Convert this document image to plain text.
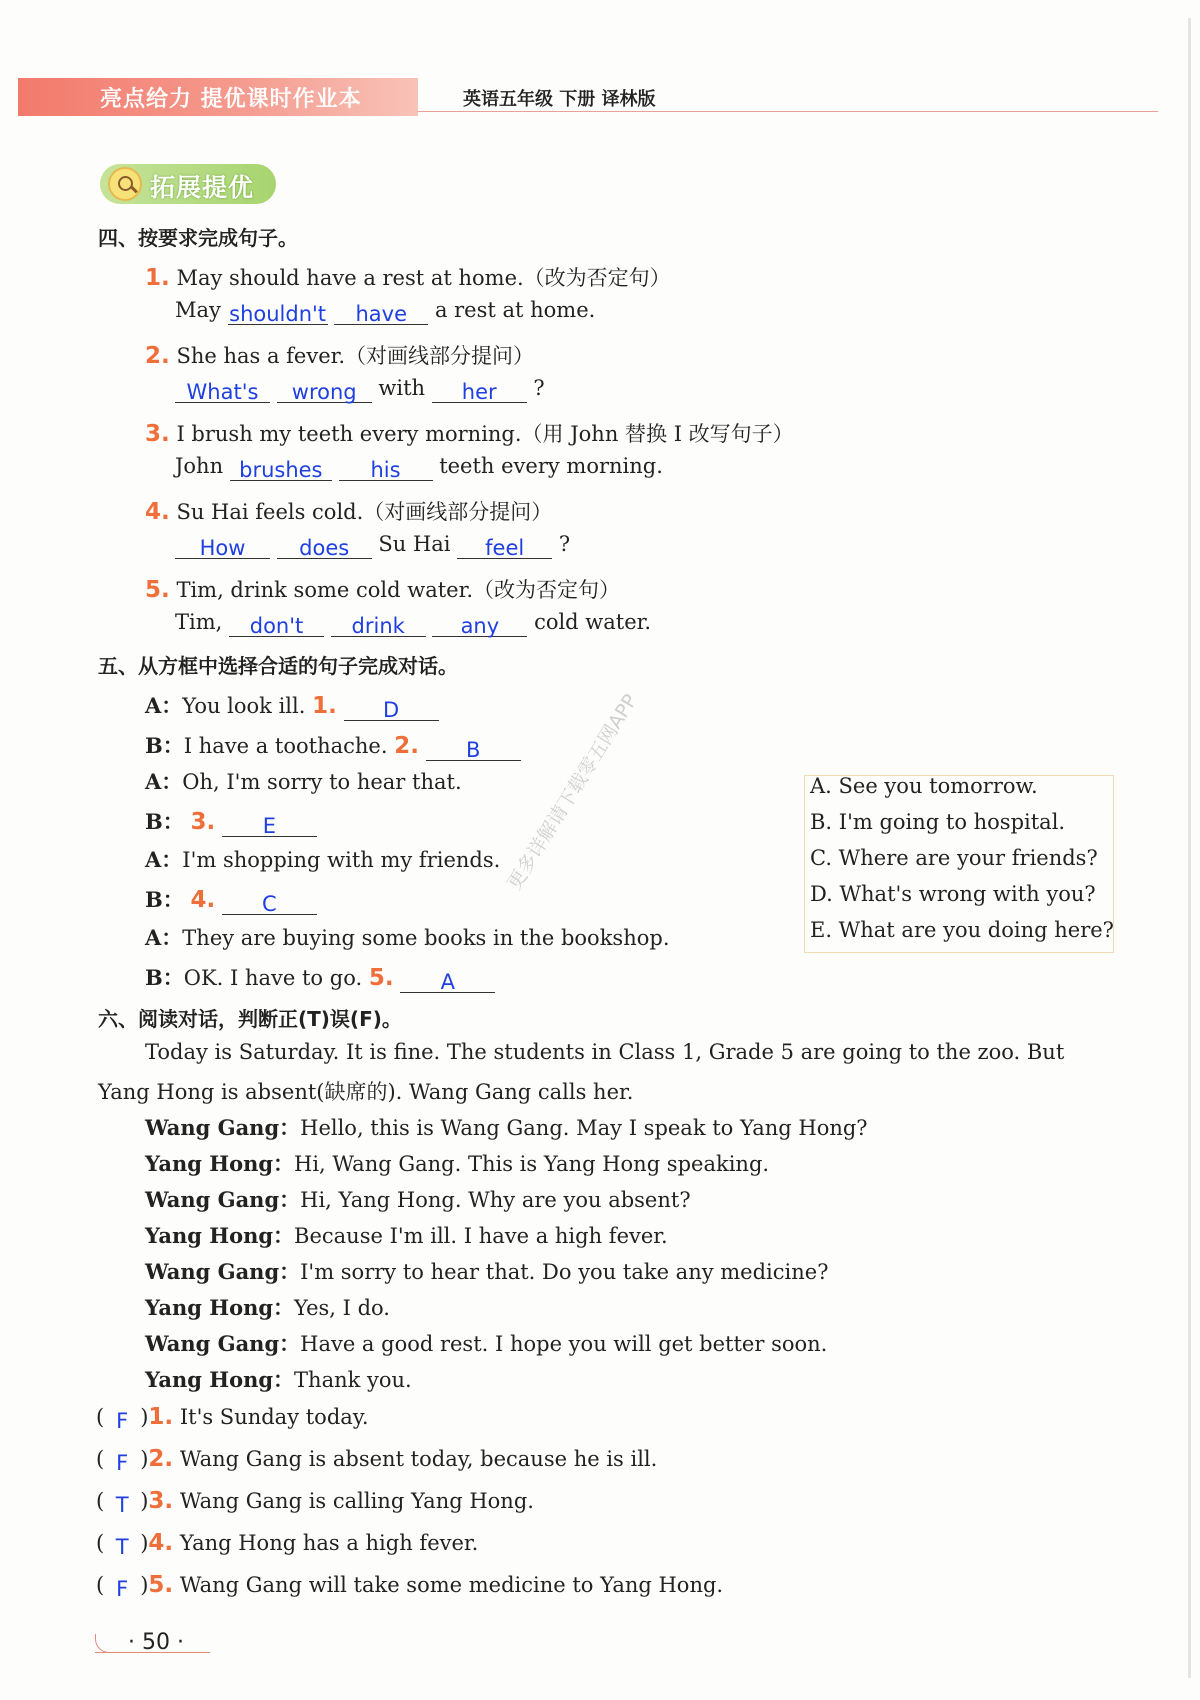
亮点给力 提优课时作业本	英语五年级 下册 译林版
拓展提优
四、按要求完成句子。
1. May should have a rest at home.（改为否定句）
May shouldn't have a rest at home.
2. She has a fever.（对画线部分提问）
What's wrong with her ?
3. I brush my teeth every morning.（用 John 替换 I 改写句子）
John brushes his teeth every morning.
4. Su Hai feels cold.（对画线部分提问）
How	does Su Hai feel ?
5. Tim, drink some cold water.（改为否定句）
Tim, don't drink	any cold water.
五、从方框中选择合适的句子完成对话。
A：You look ill. 1. D
B：I have a toothache. 2. B
A：Oh, I'm sorry to hear that.
B： 3. E
A：I'm shopping with my friends.
B： 4. C
A：They are buying some books in the bookshop.
B：OK. I have to go. 5. A
A. See you tomorrow.
B. I'm going to hospital.
C. Where are your friends?
D. What's wrong with you?
E. What are you doing here?
更多详解请下载零五网APP
六、阅读对话，判断正(T)误(F)。
Today is Saturday. It is fine. The students in Class 1, Grade 5 are going to the zoo. But
Yang Hong is absent(缺席的). Wang Gang calls her.
Wang Gang：Hello, this is Wang Gang. May I speak to Yang Hong?
Yang Hong：Hi, Wang Gang. This is Yang Hong speaking.
Wang Gang：Hi, Yang Hong. Why are you absent?
Yang Hong：Because I'm ill. I have a high fever.
Wang Gang：I'm sorry to hear that. Do you take any medicine?
Yang Hong：Yes, I do.
Wang Gang：Have a good rest. I hope you will get better soon.
Yang Hong：Thank you.
( F )1. It's Sunday today.
( F )2. Wang Gang is absent today, because he is ill.
( T )3. Wang Gang is calling Yang Hong.
( T )4. Yang Hong has a high fever.
( F )5. Wang Gang will take some medicine to Yang Hong.
· 50 ·
